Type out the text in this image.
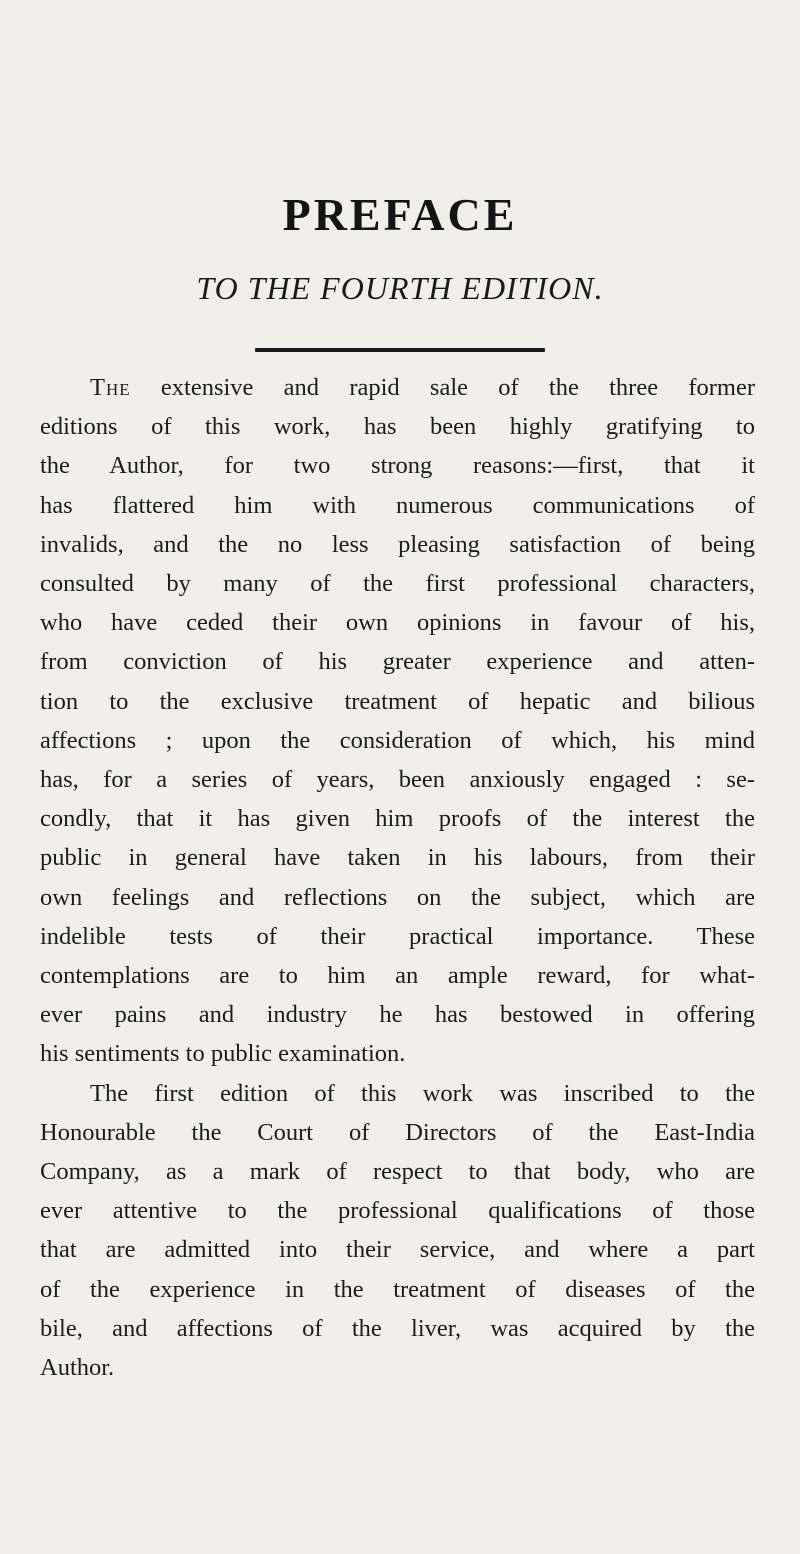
PREFACE
TO THE FOURTH EDITION.
The extensive and rapid sale of the three former
editions of this work, has been highly gratifying to
the Author, for two strong reasons:—first, that it
has flattered him with numerous communications of
invalids, and the no less pleasing satisfaction of being
consulted by many of the first professional characters,
who have ceded their own opinions in favour of his,
from conviction of his greater experience and atten-
tion to the exclusive treatment of hepatic and bilious
affections ; upon the consideration of which, his mind
has, for a series of years, been anxiously engaged : se-
condly, that it has given him proofs of the interest the
public in general have taken in his labours, from their
own feelings and reflections on the subject, which are
indelible tests of their practical importance. These
contemplations are to him an ample reward, for what-
ever pains and industry he has bestowed in offering
his sentiments to public examination.
The first edition of this work was inscribed to the
Honourable the Court of Directors of the East-India
Company, as a mark of respect to that body, who are
ever attentive to the professional qualifications of those
that are admitted into their service, and where a part
of the experience in the treatment of diseases of the
bile, and affections of the liver, was acquired by the
Author.
